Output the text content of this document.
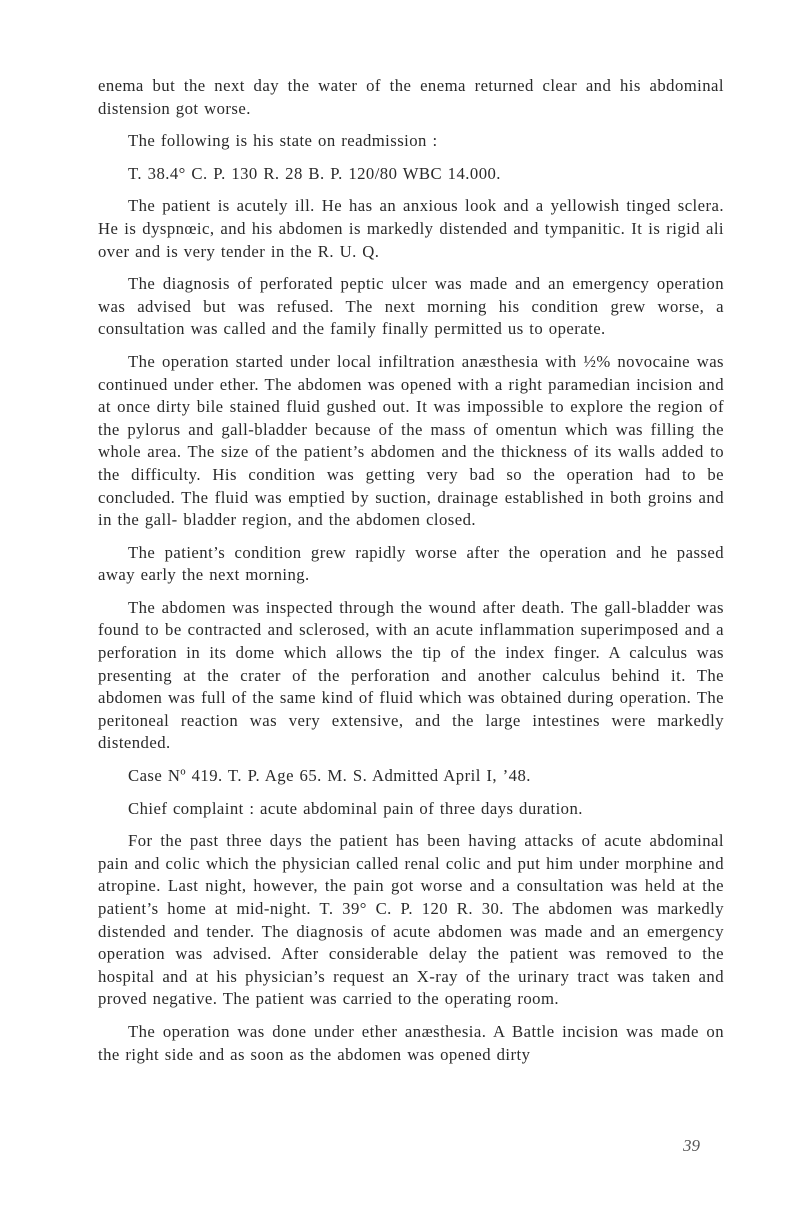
enema but the next day the water of the enema returned clear and his abdominal distension got worse.

The following is his state on readmission :

T. 38.4° C. P. 130 R. 28 B. P. 120/80 WBC 14.000.

The patient is acutely ill. He has an anxious look and a yellowish tinged sclera. He is dyspnœic, and his abdomen is markedly distended and tympanitic. It is rigid ali over and is very tender in the R. U. Q.

The diagnosis of perforated peptic ulcer was made and an emergency operation was advised but was refused. The next morning his condition grew worse, a consultation was called and the family finally permitted us to operate.

The operation started under local infiltration anæsthesia with ½% novocaine was continued under ether. The abdomen was opened with a right paramedian incision and at once dirty bile stained fluid gushed out. It was impossible to explore the region of the pylorus and gall-bladder because of the mass of omentun which was filling the whole area. The size of the patient’s abdomen and the thickness of its walls added to the difficulty. His condition was getting very bad so the operation had to be concluded. The fluid was emptied by suction, drainage established in both groins and in the gall- bladder region, and the abdomen closed.

The patient’s condition grew rapidly worse after the operation and he passed away early the next morning.

The abdomen was inspected through the wound after death. The gall-bladder was found to be contracted and sclerosed, with an acute inflammation superimposed and a perforation in its dome which allows the tip of the index finger. A calculus was presenting at the crater of the perforation and another calculus behind it. The abdomen was full of the same kind of fluid which was obtained during operation. The peritoneal reaction was very extensive, and the large intestines were markedly distended.

Case Nº 419. T. P. Age 65. M. S. Admitted April I, ’48.

Chief complaint : acute abdominal pain of three days duration.

For the past three days the patient has been having attacks of acute abdominal pain and colic which the physician called renal colic and put him under morphine and atropine. Last night, however, the pain got worse and a consultation was held at the patient’s home at mid-night. T. 39° C. P. 120 R. 30. The abdomen was markedly distended and tender. The diagnosis of acute abdomen was made and an emergency operation was advised. After considerable delay the patient was removed to the hospital and at his physician’s request an X-ray of the urinary tract was taken and proved negative. The patient was carried to the operating room.

The operation was done under ether anæsthesia. A Battle incision was made on the right side and as soon as the abdomen was opened dirty

39
